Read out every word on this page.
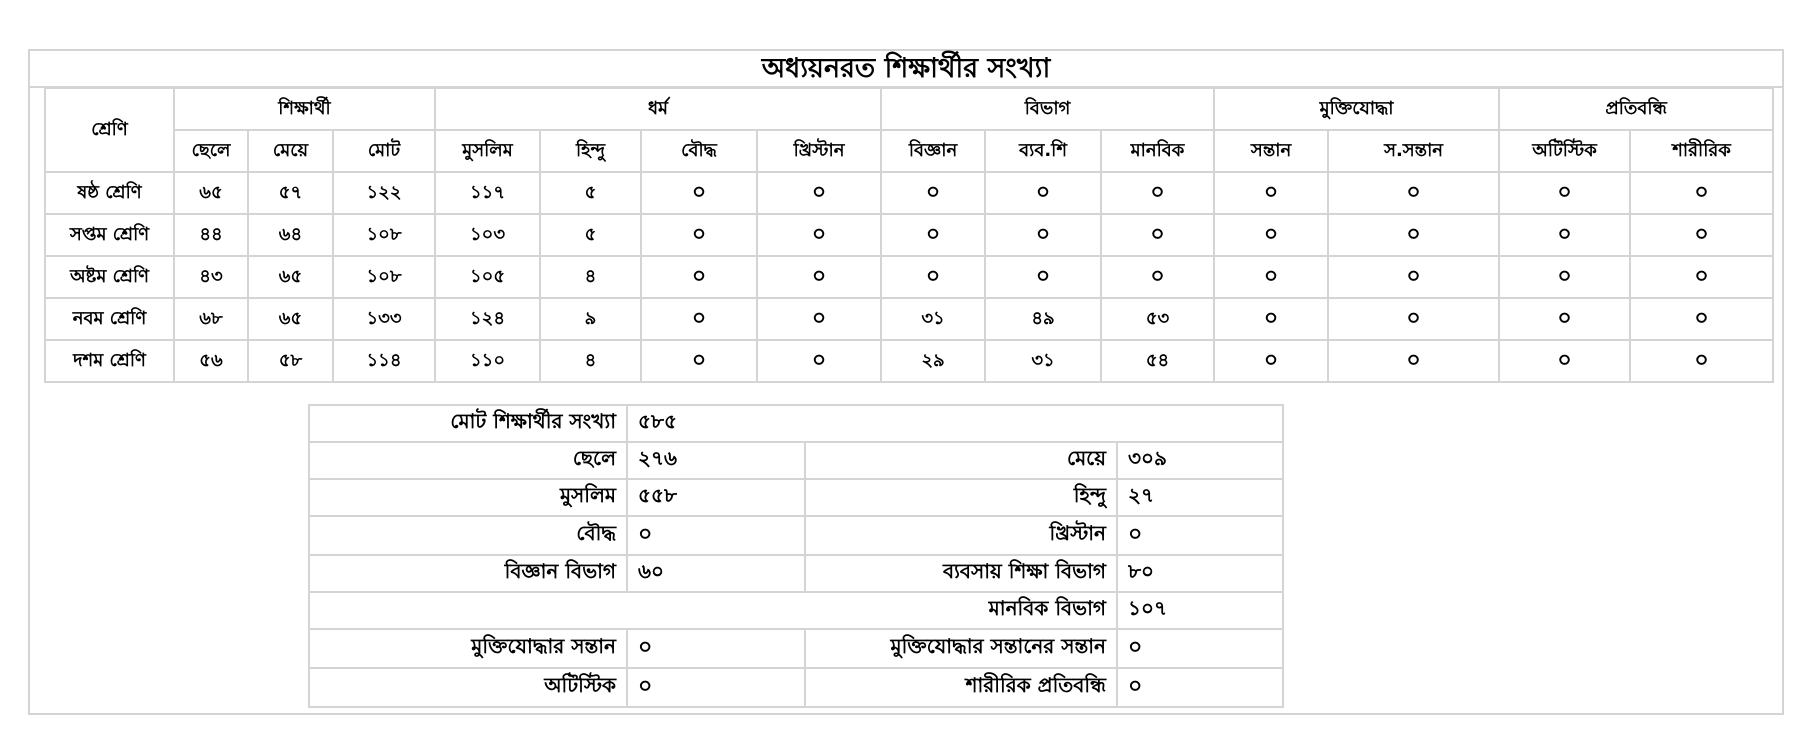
অধ্যয়নরত শিক্ষার্থীর সংখ্যা
শ্রেণি	শিক্ষার্থী			ধর্ম				বিভাগ			মুক্তিযোদ্ধা		প্রতিবন্ধি	
	ছেলে	মেয়ে	মোট	মুসলিম	হিন্দু	বৌদ্ধ	খ্রিস্টান	বিজ্ঞান	ব্যব.শি	মানবিক	সন্তান	স.সন্তান	অটিস্টিক	শারীরিক
ষষ্ঠ শ্রেণি	৬৫	৫৭	১২২	১১৭	৫	০	০	০	০	০	০	০	০	০
সপ্তম শ্রেণি	৪৪	৬৪	১০৮	১০৩	৫	০	০	০	০	০	০	০	০	০
অষ্টম শ্রেণি	৪৩	৬৫	১০৮	১০৫	৪	০	০	০	০	০	০	০	০	০
নবম শ্রেণি	৬৮	৬৫	১৩৩	১২৪	৯	০	০	৩১	৪৯	৫৩	০	০	০	০
দশম শ্রেণি	৫৬	৫৮	১১৪	১১০	৪	০	০	২৯	৩১	৫৪	০	০	০	০
মোট শিক্ষার্থীর সংখ্যা	৫৮৫		
ছেলে	২৭৬	মেয়ে	৩০৯
মুসলিম	৫৫৮	হিন্দু	২৭
বৌদ্ধ	০	খ্রিস্টান	০
বিজ্ঞান বিভাগ	৬০	ব্যবসায় শিক্ষা বিভাগ	৮০
মানবিক বিভাগ			১০৭
মুক্তিযোদ্ধার সন্তান	০	মুক্তিযোদ্ধার সন্তানের সন্তান	০
অটিস্টিক	০	শারীরিক প্রতিবন্ধি	০
